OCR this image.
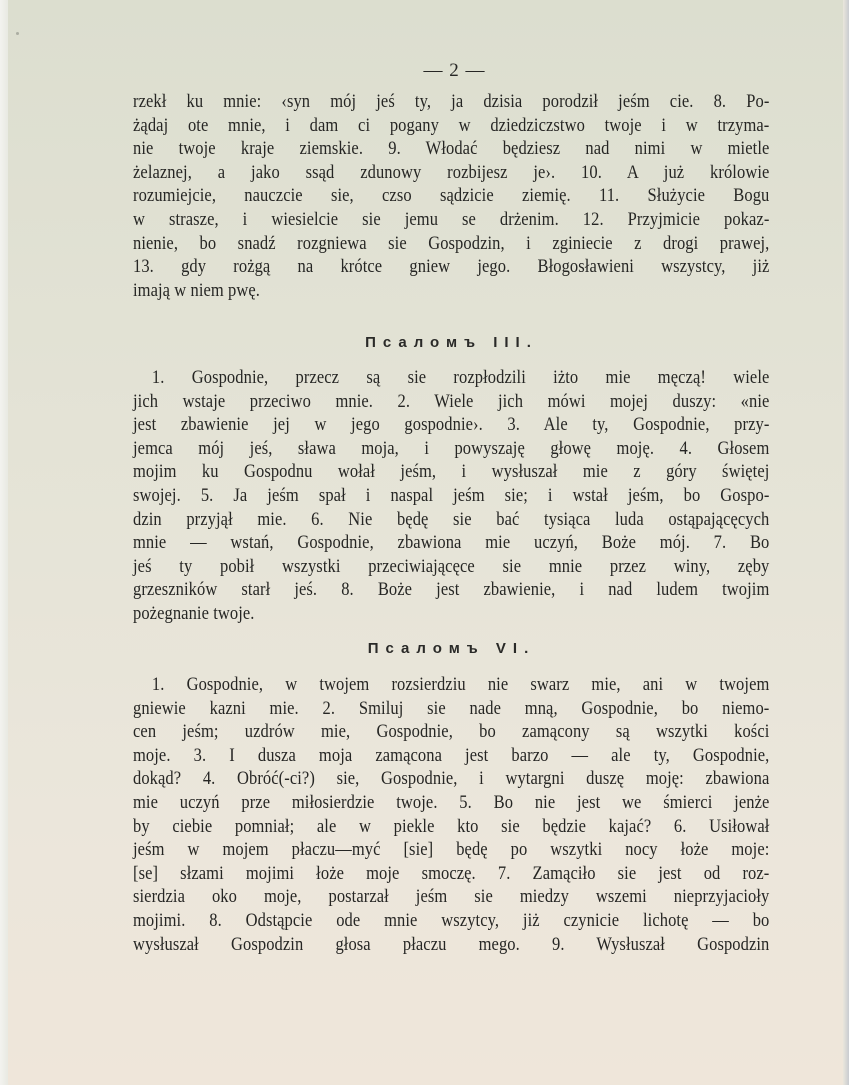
— 2 —
rzekł ku mnie: ‹syn mój jeś ty, ja dzisia porodził jeśm cie. 8. Po-
żądaj ote mnie, i dam ci pogany w dziedziczstwo twoje i w trzyma-
nie twoje kraje ziemskie. 9. Włodać będziesz nad nimi w mietle
żelaznej, a jako ssąd zdunowy rozbijesz je›. 10. A już królowie
rozumiejcie, nauczcie sie, czso sądzicie ziemię. 11. Służycie Bogu
w strasze, i wiesielcie sie jemu se drżenim. 12. Przyjmicie pokaz-
nienie, bo snadź rozgniewa sie Gospodzin, i zginiecie z drogi prawej,
13. gdy rożgą na krótce gniew jego. Błogosławieni wszystcy, jiż
imają w niem pwę.
Псаломъ III.
1. Gospodnie, przecz są sie rozpłodzili iżto mie męczą! wiele
jich wstaje przeciwo mnie. 2. Wiele jich mówi mojej duszy: «nie
jest zbawienie jej w jego gospodnie›. 3. Ale ty, Gospodnie, przy-
jemca mój jeś, sława moja, i powyszaję głowę moję. 4. Głosem
mojim ku Gospodnu wołał jeśm, i wysłuszał mie z góry świętej
swojej. 5. Ja jeśm spał i naspal jeśm sie; i wstał jeśm, bo Gospo-
dzin przyjął mie. 6. Nie będę sie bać tysiąca luda ostąpającęcych
mnie — wstań, Gospodnie, zbawiona mie uczyń, Boże mój. 7. Bo
jeś ty pobił wszystki przeciwiającęce sie mnie przez winy, zęby
grzeszników starł jeś. 8. Boże jest zbawienie, i nad ludem twojim
pożegnanie twoje.
Псаломъ VI.
1. Gospodnie, w twojem rozsierdziu nie swarz mie, ani w twojem
gniewie kazni mie. 2. Smiluj sie nade mną, Gospodnie, bo niemo-
cen jeśm; uzdrów mie, Gospodnie, bo zamącony są wszytki kości
moje. 3. I dusza moja zamącona jest barzo — ale ty, Gospodnie,
dokąd? 4. Obróć(-ci?) sie, Gospodnie, i wytargni duszę moję: zbawiona
mie uczyń prze miłosierdzie twoje. 5. Bo nie jest we śmierci jenże
by ciebie pomniał; ale w piekle kto sie będzie kajać? 6. Usiłował
jeśm w mojem płaczu—myć [sie] będę po wszytki nocy łoże moje:
[se] słzami mojimi łoże moje smoczę. 7. Zamąciło sie jest od roz-
sierdzia oko moje, postarzał jeśm sie miedzy wszemi nieprzyjacioły
mojimi. 8. Odstąpcie ode mnie wszytcy, jiż czynicie lichotę — bo
wysłuszał Gospodzin głosa płaczu mego. 9. Wysłuszał Gospodzin
